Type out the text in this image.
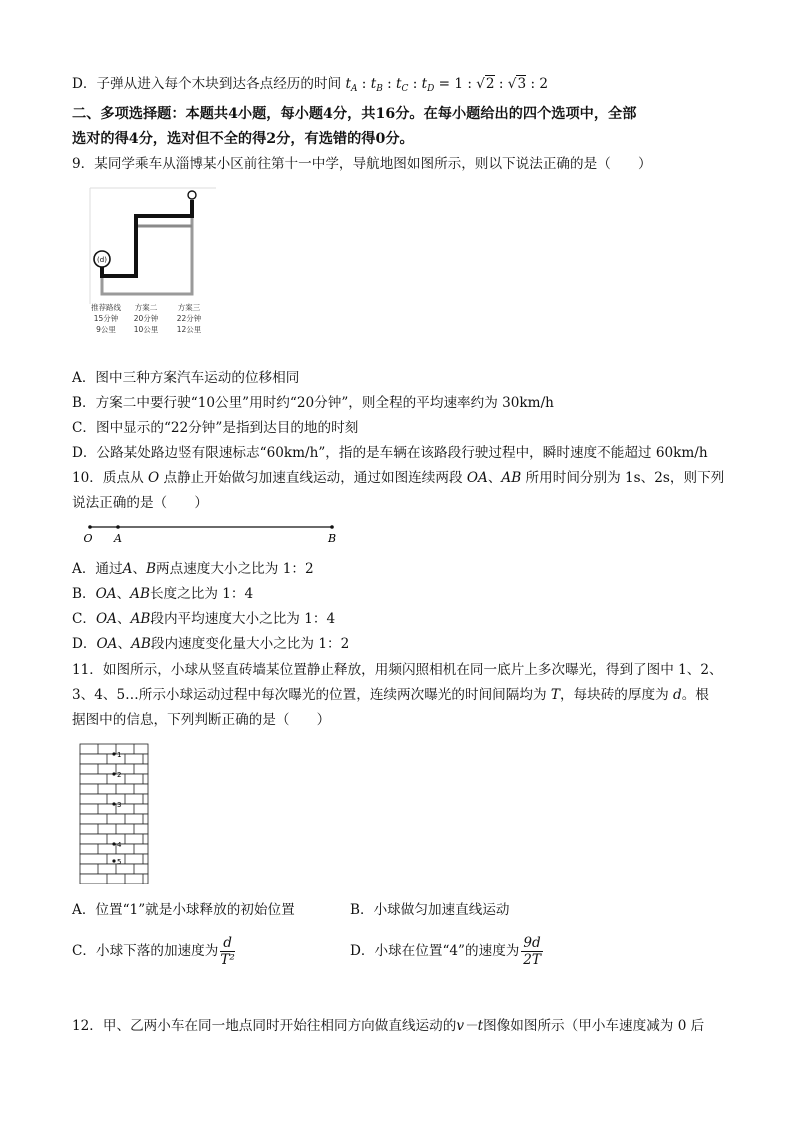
D．子弹从进入每个木块到达各点经历的时间 $t_A$ : $t_B$ : $t_C$ : $t_D = 1$ : √2 : √3 : 2
二、多项选择题：本题共4小题，每小题4分，共16分。在每小题给出的四个选项中，全部
选对的得4分，选对但不全的得2分，有选错的得0分。
9．某同学乘车从淄博某小区前往第十一中学，导航地图如图所示，则以下说法正确的是（　　）
(d)
推荐路线
15分钟
9公里
方案二
20分钟
10公里
方案三
22分钟
12公里
A．图中三种方案汽车运动的位移相同
B．方案二中要行驶“10公里”用时约“20分钟”，则全程的平均速率约为 30km/h
C．图中显示的“22分钟”是指到达目的地的时刻
D．公路某处路边竖有限速标志“60km/h”，指的是车辆在该路段行驶过程中，瞬时速度不能超过 60km/h
10．质点从 O 点静止开始做匀加速直线运动，通过如图连续两段 OA、AB 所用时间分别为 1s、2s，则下列
说法正确的是（　　）
O A	B
A．通过A、B两点速度大小之比为 1：2
B．OA、AB长度之比为 1：4
C．OA、AB段内平均速度大小之比为 1：4
D．OA、AB段内速度变化量大小之比为 1：2
11．如图所示，小球从竖直砖墙某位置静止释放，用频闪照相机在同一底片上多次曝光，得到了图中 1、2、
3、4、5…所示小球运动过程中每次曝光的位置，连续两次曝光的时间间隔均为 T，每块砖的厚度为 d。根
据图中的信息，下列判断正确的是（　　）
1
2
3
4
5
A．位置“1”就是小球释放的初始位置	B．小球做匀加速直线运动
C．小球下落的加速度为 $\frac{d}{\text{T²}}$	D．小球在位置“4”的速度为 $\frac{9d}{2T}$
12．甲、乙两小车在同一地点同时开始往相同方向做直线运动的v－t图像如图所示（甲小车速度减为 0 后
